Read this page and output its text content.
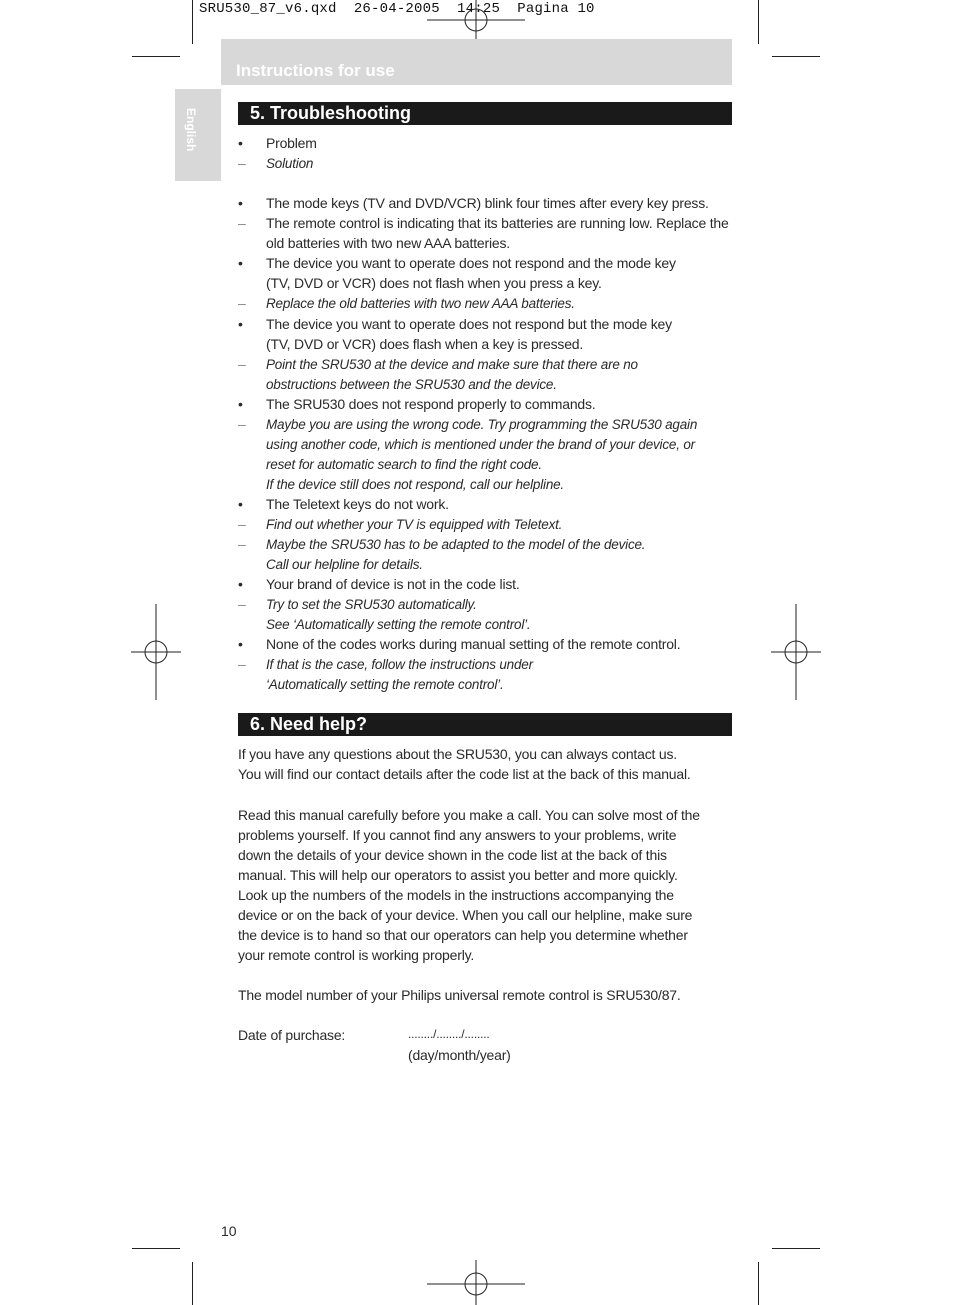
SRU530_87_v6.qxd  26-04-2005  14:25  Pagina 10
Instructions for use
English	5. Troubleshooting
• Problem
– Solution
• The mode keys (TV and DVD/VCR) blink four times after every key press.
– The remote control is indicating that its batteries are running low. Replace the
old batteries with two new AAA batteries.
• The device you want to operate does not respond and the mode key
(TV, DVD or VCR) does not flash when you press a key.
– Replace the old batteries with two new AAA batteries.
• The device you want to operate does not respond but the mode key
(TV, DVD or VCR) does flash when a key is pressed.
– Point the SRU530 at the device and make sure that there are no
obstructions between the SRU530 and the device.
• The SRU530 does not respond properly to commands.
– Maybe you are using the wrong code. Try programming the SRU530 again
using another code, which is mentioned under the brand of your device, or
reset for automatic search to find the right code.
If the device still does not respond, call our helpline.
• The Teletext keys do not work.
– Find out whether your TV is equipped with Teletext.
– Maybe the SRU530 has to be adapted to the model of the device.
Call our helpline for details.
• Your brand of device is not in the code list.
– Try to set the SRU530 automatically.
See ‘Automatically setting the remote control’.
• None of the codes works during manual setting of the remote control.
– If that is the case, follow the instructions under
‘Automatically setting the remote control’.
6. Need help?
If you have any questions about the SRU530, you can always contact us.
You will find our contact details after the code list at the back of this manual.
Read this manual carefully before you make a call. You can solve most of the
problems yourself. If you cannot find any answers to your problems, write
down the details of your device shown in the code list at the back of this
manual. This will help our operators to assist you better and more quickly.
Look up the numbers of the models in the instructions accompanying the
device or on the back of your device. When you call our helpline, make sure
the device is to hand so that our operators can help you determine whether
your remote control is working properly.
The model number of your Philips universal remote control is SRU530/87.
Date of purchase:	......../......../........
(day/month/year)
10
